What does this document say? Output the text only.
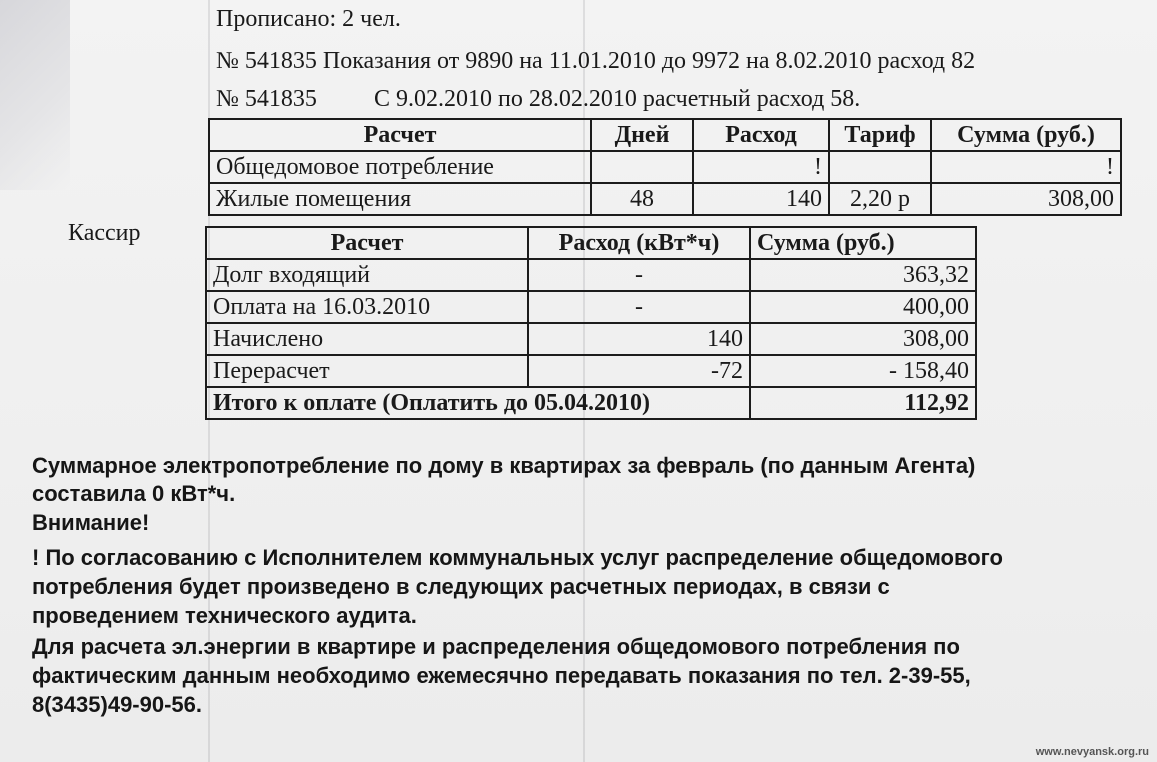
Прописано: 2 чел.
№ 541835 Показания от 9890 на 11.01.2010 до 9972 на 8.02.2010 расход 82
№ 541835 С 9.02.2010 по 28.02.2010 расчетный расход 58.
Кассир
Расчет	Дней	Расход	Тариф	Сумма (руб.)
Общедомовое потребление		!		!
Жилые помещения	48	140	2,20 р	308,00
Расчет	Расход (кВт*ч)	Сумма (руб.)
Долг входящий	-	363,32
Оплата на 16.03.2010	-	400,00
Начислено	140	308,00
Перерасчет	-72	- 158,40
Итого к оплате (Оплатить до 05.04.2010)		112,92
Суммарное электропотребление по дому в квартирах за февраль (по данным Агента)
составила 0 кВт*ч.
Внимание!
! По согласованию с Исполнителем коммунальных услуг распределение общедомового
потребления будет произведено в следующих расчетных периодах, в связи с
проведением технического аудита.
Для расчета эл.энергии в квартире и распределения общедомового потребления по
фактическим данным необходимо ежемесячно передавать показания по тел. 2-39-55,
8(3435)49-90-56.
www.nevyansk.org.ru
